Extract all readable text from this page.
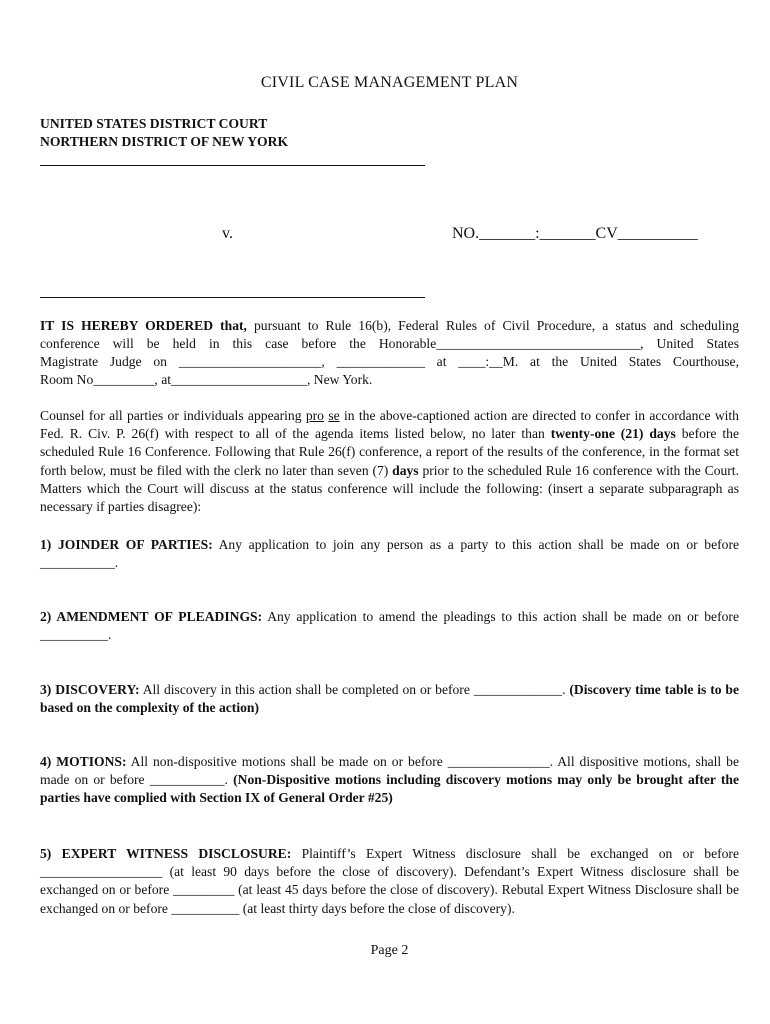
CIVIL CASE MANAGEMENT PLAN
UNITED STATES DISTRICT COURT
NORTHERN DISTRICT OF NEW YORK
v.	NO._______:_______CV__________
IT IS HEREBY ORDERED that, pursuant to Rule 16(b), Federal Rules of Civil Procedure, a status and scheduling
conference will be held in this case before the Honorable______________________________, United States
Magistrate Judge on _____________________, _____________ at ____:__M. at the United States Courthouse,
Room No_________, at____________________, New York.
Counsel for all parties or individuals appearing pro se in the above-captioned action are directed to confer in accordance with Fed. R. Civ. P. 26(f) with respect to all of the agenda items listed below, no later than twenty-one (21) days before the scheduled Rule 16 Conference. Following that Rule 26(f) conference, a report of the results of the conference, in the format set forth below, must be filed with the clerk no later than seven (7) days prior to the scheduled Rule 16 conference with the Court. Matters which the Court will discuss at the status conference will include the following: (insert a separate subparagraph as necessary if parties disagree):
1) JOINDER OF PARTIES: Any application to join any person as a party to this action shall be made on or before ___________.
2) AMENDMENT OF PLEADINGS: Any application to amend the pleadings to this action shall be made on or before __________.
3) DISCOVERY: All discovery in this action shall be completed on or before _____________. (Discovery time table is to be based on the complexity of the action)
4) MOTIONS: All non-dispositive motions shall be made on or before _______________. All dispositive motions, shall be made on or before ___________. (Non-Dispositive motions including discovery motions may only be brought after the parties have complied with Section IX of General Order #25)
5) EXPERT WITNESS DISCLOSURE: Plaintiff’s Expert Witness disclosure shall be exchanged on or before __________________ (at least 90 days before the close of discovery). Defendant’s Expert Witness disclosure shall be exchanged on or before _________ (at least 45 days before the close of discovery). Rebutal Expert Witness Disclosure shall be exchanged on or before __________ (at least thirty days before the close of discovery).
Page 2
